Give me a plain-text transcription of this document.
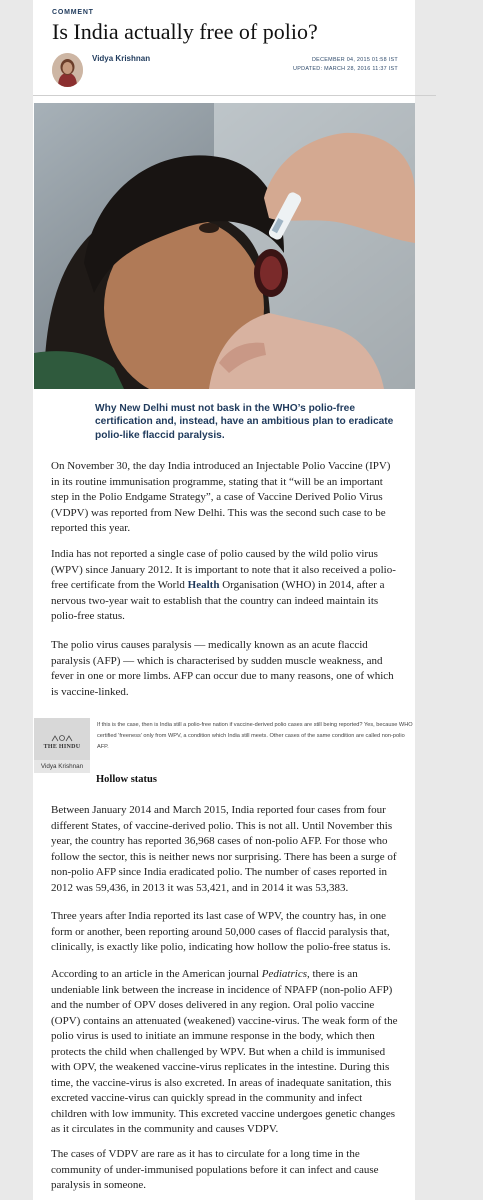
COMMENT
Is India actually free of polio?
Vidya Krishnan	DECEMBER 04, 2015 01:58 IST
UPDATED: MARCH 28, 2016 11:37 IST

Why New Delhi must not bask in the WHO’s polio-free certification and, instead, have an ambitious plan to eradicate polio-like flaccid paralysis.

On November 30, the day India introduced an Injectable Polio Vaccine (IPV) in its routine immunisation programme, stating that it “will be an important step in the Polio Endgame Strategy”, a case of Vaccine Derived Polio Virus (VDPV) was reported from New Delhi. This was the second such case to be reported this year.

India has not reported a single case of polio caused by the wild polio virus (WPV) since January 2012. It is important to note that it also received a polio-free certificate from the World Health Organisation (WHO) in 2014, after a nervous two-year wait to establish that the country can indeed maintain its polio-free status.

The polio virus causes paralysis — medically known as an acute flaccid paralysis (AFP) — which is characterised by sudden muscle weakness, and fever in one or more limbs. AFP can occur due to many reasons, one of which is vaccine-linked.

THE HINDU
Vidya Krishnan

If this is the case, then is India still a polio-free nation if vaccine-derived polio cases are still being reported? Yes, because WHO certified ‘freeness’ only from WPV, a condition which India still meets. Other cases of the same condition are called non-polio AFP.

Hollow status

Between January 2014 and March 2015, India reported four cases from four different States, of vaccine-derived polio. This is not all. Until November this year, the country has reported 36,968 cases of non-polio AFP. For those who follow the sector, this is neither news nor surprising. There has been a surge of non-polio AFP since India eradicated polio. The number of cases reported in 2012 was 59,436, in 2013 it was 53,421, and in 2014 it was 53,383.

Three years after India reported its last case of WPV, the country has, in one form or another, been reporting around 50,000 cases of flaccid paralysis that, clinically, is exactly like polio, indicating how hollow the polio-free status is.

According to an article in the American journal Pediatrics, there is an undeniable link between the increase in incidence of NPAFP (non-polio AFP) and the number of OPV doses delivered in any region. Oral polio vaccine (OPV) contains an attenuated (weakened) vaccine-virus. The weak form of the polio virus is used to initiate an immune response in the body, which then protects the child when challenged by WPV. But when a child is immunised with OPV, the weakened vaccine-virus replicates in the intestine. During this time, the vaccine-virus is also excreted. In areas of inadequate sanitation, this excreted vaccine-virus can quickly spread in the community and infect children with low immunity. This excreted vaccine undergoes genetic changes as it circulates in the community and causes VDPV.

The cases of VDPV are rare as it has to circulate for a long time in the community of under-immunised populations before it can infect and cause paralysis in someone.
